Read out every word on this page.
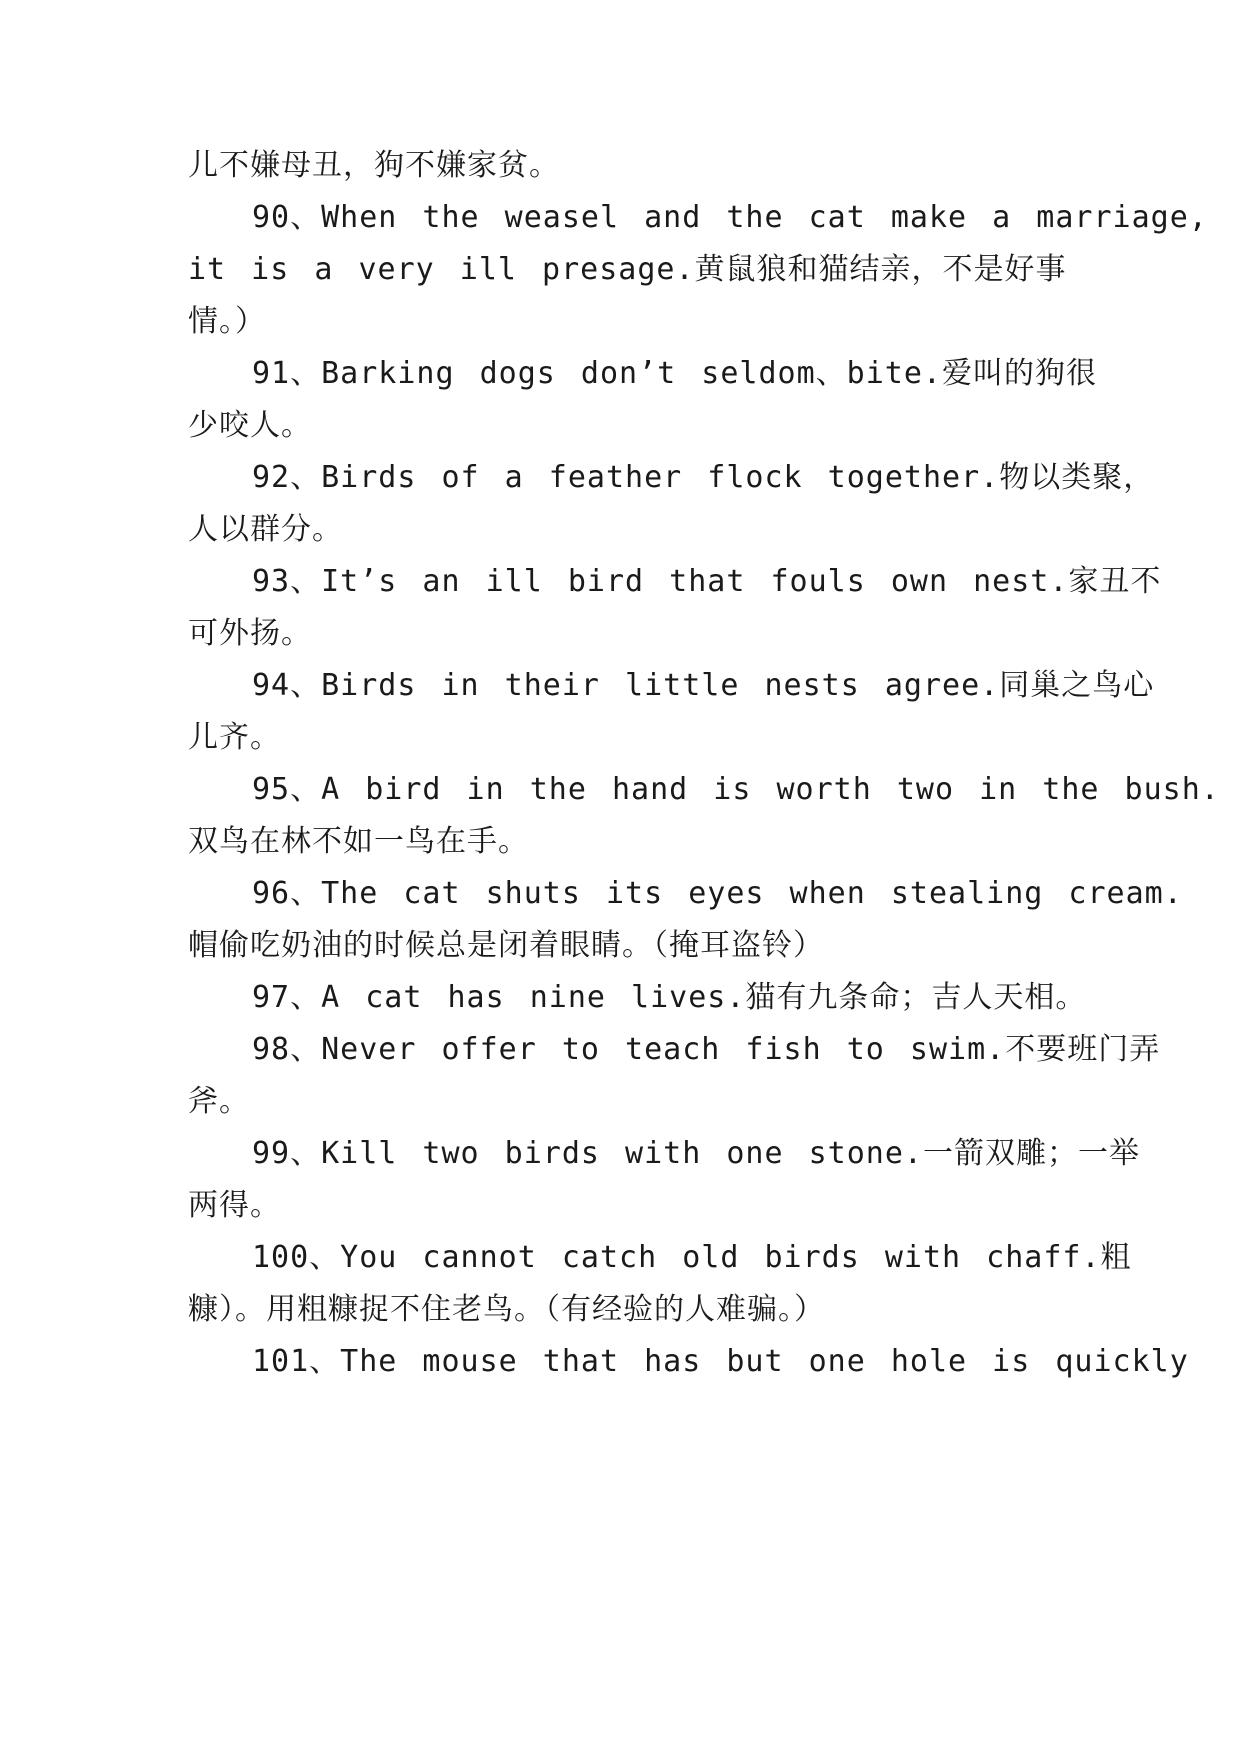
儿不嫌母丑，狗不嫌家贫。
90、When the weasel and the cat make a marriage,
it is a very ill presage.黄鼠狼和猫结亲，不是好事
情。）
91、Barking dogs don’t seldom、bite.爱叫的狗很
少咬人。
92、Birds of a feather flock together.物以类聚，
人以群分。
93、It’s an ill bird that fouls own nest.家丑不
可外扬。
94、Birds in their little nests agree.同巢之鸟心
儿齐。
95、A bird in the hand is worth two in the bush.
双鸟在林不如一鸟在手。
96、The cat shuts its eyes when stealing cream.
帽偷吃奶油的时候总是闭着眼睛。（掩耳盗铃）
97、A cat has nine lives.猫有九条命；吉人天相。
98、Never offer to teach fish to swim.不要班门弄
斧。
99、Kill two birds with one stone.一箭双雕；一举
两得。
100、You cannot catch old birds with chaff.粗
糠）。用粗糠捉不住老鸟。（有经验的人难骗。）
101、The mouse that has but one hole is quickly
